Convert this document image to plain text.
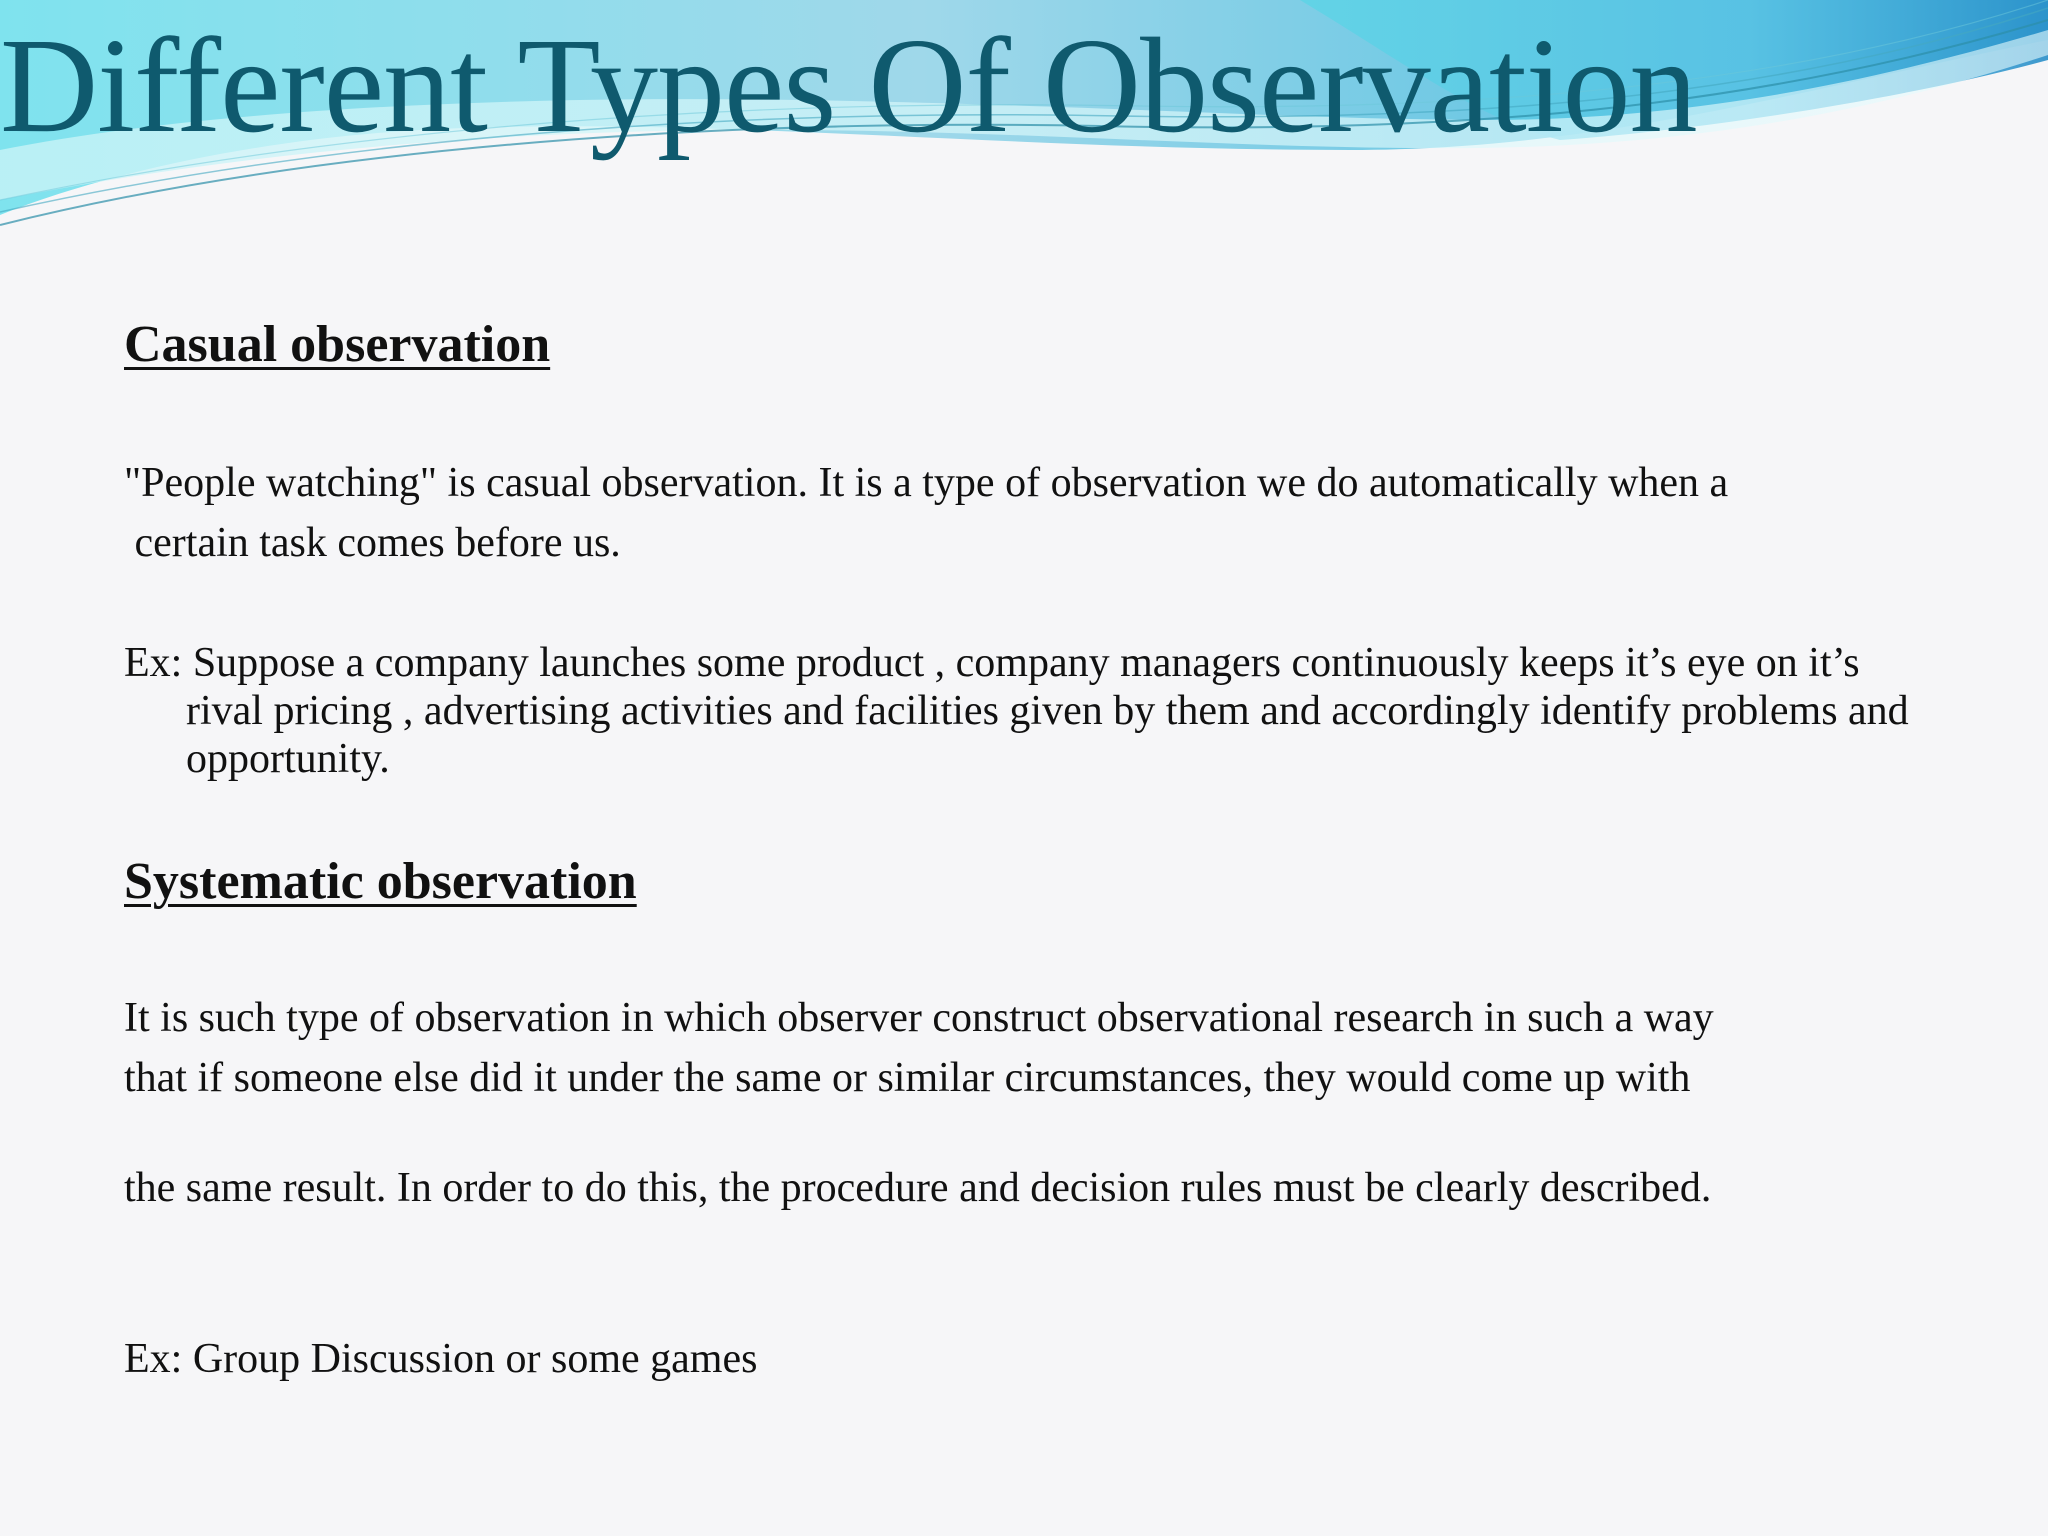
Different Types Of Observation
Casual observation

"People watching" is casual observation. It is a type of observation we do automatically when a

certain task comes before us.

Ex: Suppose a company launches some product , company managers continuously keeps it’s eye on it’s rival pricing , advertising activities and facilities given by them and accordingly identify problems and opportunity.

Systematic observation

It is such type of observation in which observer construct observational research in such a way

that if someone else did it under the same or similar circumstances, they would come up with

the same result. In order to do this, the procedure and decision rules must be clearly described.

Ex: Group Discussion or some games
